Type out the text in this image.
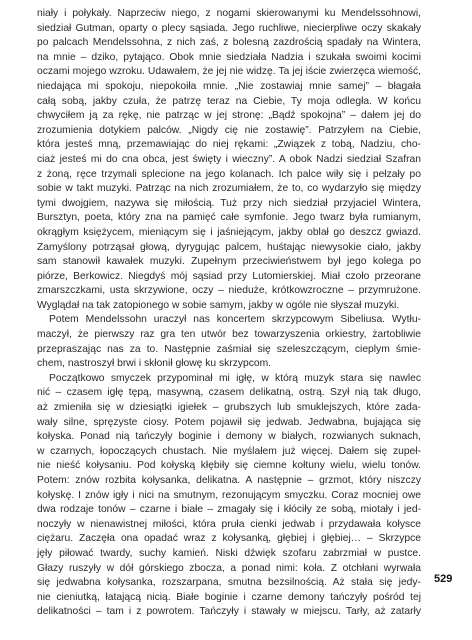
niały i połykały. Naprzeciw niego, z nogami skierowanymi ku Mendelssohnowi,
siedział Gutman, oparty o plecy sąsiada. Jego ruchliwe, niecierpliwe oczy skakały
po palcach Mendelssohna, z nich zaś, z bolesną zazdrością spadały na Wintera,
na mnie – dziko, pytająco. Obok mnie siedziała Nadzia i szukała swoimi kocimi
oczami mojego wzroku. Udawałem, że jej nie widzę. Ta jej iście zwierzęca wiemość,
niedająca mi spokoju, niepokoiła mnie. „Nie zostawiaj mnie samej” – błagała
całą sobą, jakby czuła, że patrzę teraz na Ciebie, Ty moja odległa. W końcu
chwyciłem ją za rękę, nie patrząc w jej stronę: „Bądź spokojna” – dałem jej do
zrozumienia dotykiem palców. „Nigdy cię nie zostawię”. Patrzyłem na Ciebie,
która jesteś mną, przemawiając do niej rękami: „Związek z tobą, Nadziu, cho-
ciaż jesteś mi do cna obca, jest święty i wieczny”. A obok Nadzi siedział Szafran
z żoną, ręce trzymali splecione na jego kolanach. Ich palce wiły się i pełzały po
sobie w takt muzyki. Patrząc na nich zrozumiałem, że to, co wydarzyło się między
tymi dwojgiem, nazywa się miłością. Tuż przy nich siedział przyjaciel Wintera,
Bursztyn, poeta, który zna na pamięć całe symfonie. Jego twarz była rumianym,
okrągłym księżycem, mieniącym się i jaśniejącym, jakby oblał go deszcz gwiazd.
Zamyślony potrząsał głową, dyrygując palcem, huśtając niewysokie ciało, jakby
sam stanowił kawałek muzyki. Zupełnym przeciwieństwem był jego kolega po
piórze, Berkowicz. Niegdyś mój sąsiad przy Lutomierskiej. Miał czoło przeorane
zmarszczkami, usta skrzywione, oczy – nieduże, krótkowzroczne – przymrużone.
Wyglądał na tak zatopionego w sobie samym, jakby w ogóle nie słyszał muzyki.
Potem Mendelssohn uraczył nas koncertem skrzypcowym Sibeliusa. Wytłu-
maczył, że pierwszy raz gra ten utwór bez towarzyszenia orkiestry, żartobliwie
przepraszając nas za to. Następnie zaśmiał się szeleszczącym, cieplym śmie-
chem, nastroszył brwi i skłonił głowę ku skrzypcom.
Początkowo smyczek przypominał mi igłę, w którą muzyk stara się nawlec
nić – czasem igłę tępą, masywną, czasem delikatną, ostrą. Szył nią tak długo,
aż zmieniła się w dziesiątki igiełek – grubszych lub smuklejszych, które zada-
wały silne, spręzyste ciosy. Potem pojawił się jedwab. Jedwabna, bujająca się
kołyska. Ponad nią tańczyły boginie i demony w białych, rozwianych suknach,
w czarnych, łopoczących chustach. Nie myślałem już więcej. Dałem się zupeł-
nie nieść kołysaniu. Pod kołyską kłębiły się ciemne kołtuny wielu, wielu tonów.
Potem: znów rozbita kołysanka, delikatna. A następnie – grzmot, który niszczy
kołyskę. I znów igły i nici na smutnym, rezonującym smyczku. Coraz mocniej owe
dwa rodzaje tonów – czarne i białe – zmagały się i kłóciły ze sobą, miotały i jed-
noczyły w nienawistnej miłości, która pruła cienki jedwab i przydawała kołysce
ciężaru. Zaczęła ona opadać wraz z kołysanką, głębiej i głębiej… – Skrzypce
jęły piłować twardy, suchy kamień. Niski dźwięk szofaru zabrzmiał w pustce.
Głazy ruszyły w dół górskiego zbocza, a ponad nimi: koła. Z otchłani wyrwała
się jedwabna kołysanka, rozszarpana, smutna bezsilnością. Aż stała się jedy-
nie cieniutką, łatającą nicią. Białe boginie i czarne demony tańczyły pośród tej
delikatności – tam i z powrotem. Tańczyły i stawały w miejscu. Tarły, aż zatarły
529
